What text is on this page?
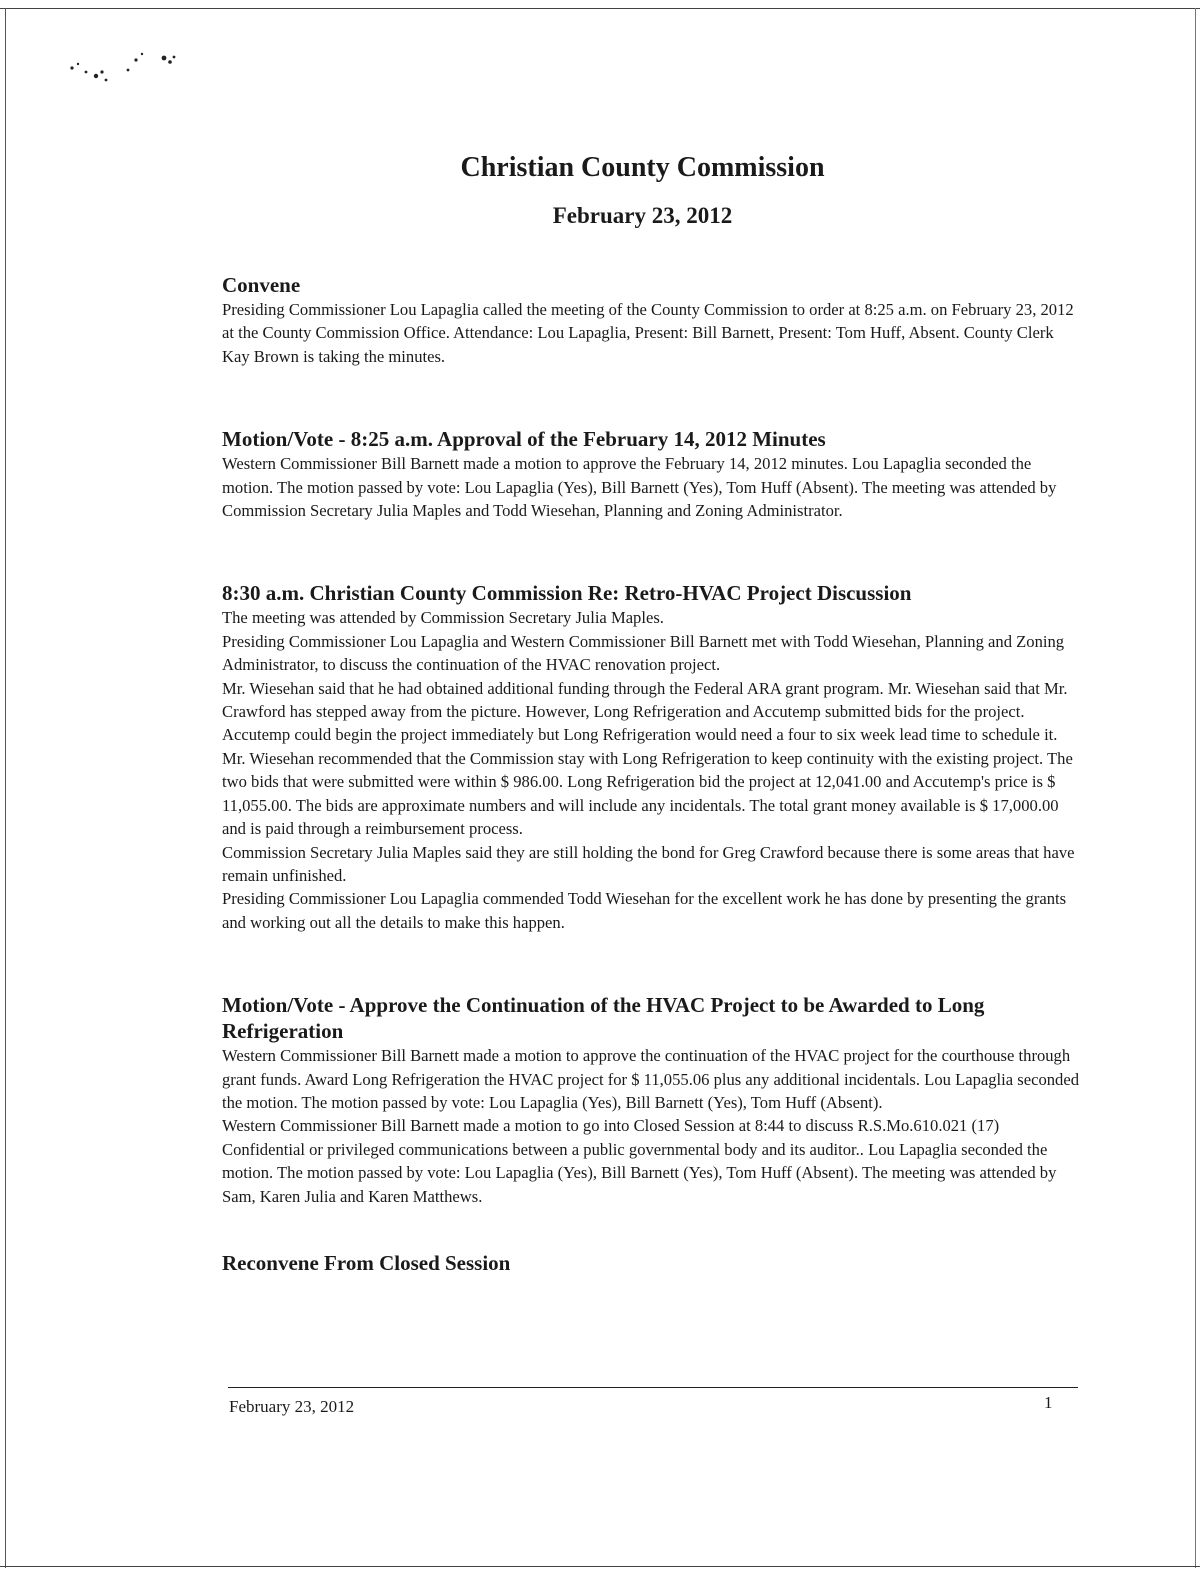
Christian County Commission
February 23, 2012
Convene

Presiding Commissioner Lou Lapaglia called the meeting of the County Commission to order at 8:25 a.m. on February 23, 2012 at the County Commission Office. Attendance: Lou Lapaglia, Present: Bill Barnett, Present: Tom Huff, Absent. County Clerk Kay Brown is taking the minutes.

Motion/Vote - 8:25 a.m. Approval of the February 14, 2012 Minutes

Western Commissioner Bill Barnett made a motion to approve the February 14, 2012 minutes. Lou Lapaglia seconded the motion. The motion passed by vote: Lou Lapaglia (Yes), Bill Barnett (Yes), Tom Huff (Absent). The meeting was attended by Commission Secretary Julia Maples and Todd Wiesehan, Planning and Zoning Administrator.

8:30 a.m. Christian County Commission Re: Retro-HVAC Project Discussion

The meeting was attended by Commission Secretary Julia Maples.

Presiding Commissioner Lou Lapaglia and Western Commissioner Bill Barnett met with Todd Wiesehan, Planning and Zoning Administrator, to discuss the continuation of the HVAC renovation project.

Mr. Wiesehan said that he had obtained additional funding through the Federal ARA grant program. Mr. Wiesehan said that Mr. Crawford has stepped away from the picture. However, Long Refrigeration and Accutemp submitted bids for the project. Accutemp could begin the project immediately but Long Refrigeration would need a four to six week lead time to schedule it. Mr. Wiesehan recommended that the Commission stay with Long Refrigeration to keep continuity with the existing project. The two bids that were submitted were within $ 986.00. Long Refrigeration bid the project at 12,041.00 and Accutemp's price is $ 11,055.00. The bids are approximate numbers and will include any incidentals. The total grant money available is $ 17,000.00 and is paid through a reimbursement process.

Commission Secretary Julia Maples said they are still holding the bond for Greg Crawford because there is some areas that have remain unfinished.

Presiding Commissioner Lou Lapaglia commended Todd Wiesehan for the excellent work he has done by presenting the grants and working out all the details to make this happen.

Motion/Vote - Approve the Continuation of the HVAC Project to be Awarded to Long Refrigeration

Western Commissioner Bill Barnett made a motion to approve the continuation of the HVAC project for the courthouse through grant funds. Award Long Refrigeration the HVAC project for $ 11,055.06 plus any additional incidentals. Lou Lapaglia seconded the motion. The motion passed by vote: Lou Lapaglia (Yes), Bill Barnett (Yes), Tom Huff (Absent).

Western Commissioner Bill Barnett made a motion to go into Closed Session at 8:44 to discuss R.S.Mo.610.021 (17) Confidential or privileged communications between a public governmental body and its auditor.. Lou Lapaglia seconded the motion. The motion passed by vote: Lou Lapaglia (Yes), Bill Barnett (Yes), Tom Huff (Absent). The meeting was attended by Sam, Karen Julia and Karen Matthews.

Reconvene From Closed Session
February 23, 2012	1
